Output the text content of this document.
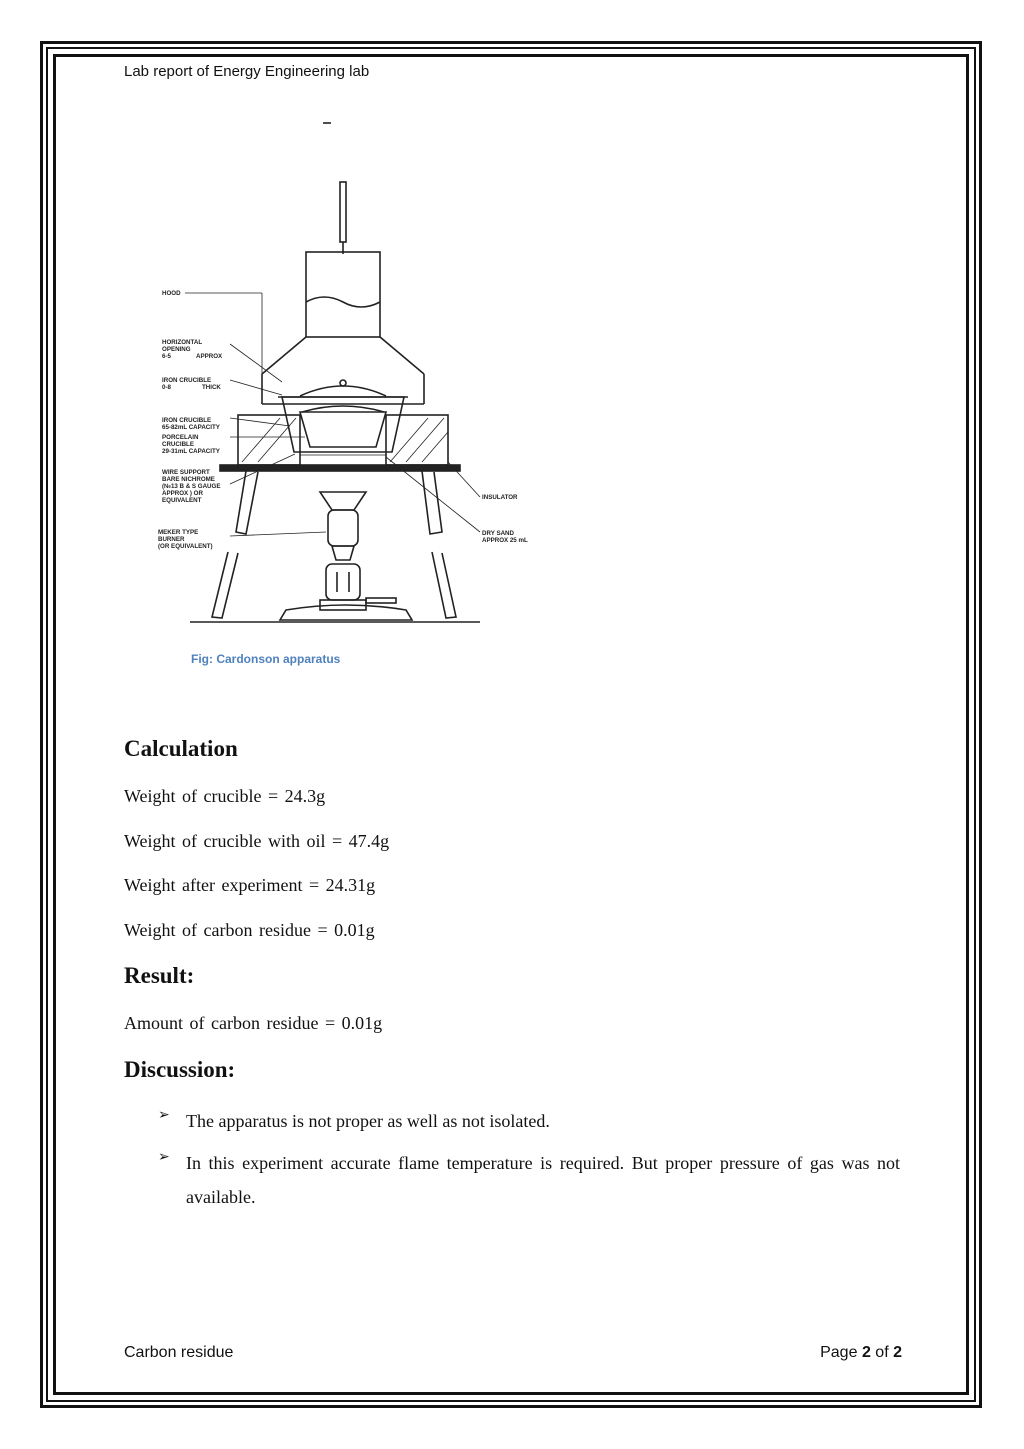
Lab report of Energy Engineering lab
HOOD
HORIZONTAL
OPENING
6-5	APPROX
IRON CRUCIBLE
0-8	THICK
IRON CRUCIBLE
65-82mL CAPACITY
PORCELAIN
CRUCIBLE
29-31mL CAPACITY
WIRE SUPPORT
BARE NICHROME
(№13 B & S GAUGE
APPROX ) OR
EQUIVALENT
MEKER TYPE
BURNER
(OR EQUIVALENT)
INSULATOR
DRY SAND
APPROX 25 mL
Fig: Cardonson apparatus
Calculation
Weight of crucible = 24.3g
Weight of crucible with oil = 47.4g
Weight after experiment = 24.31g
Weight of carbon residue = 0.01g
Result:
Amount of carbon residue = 0.01g
Discussion:
➢ The apparatus is not proper as well as not isolated.
➢ In this experiment accurate flame temperature is required. But proper pressure of gas was not available.
Carbon residue	Page 2 of 2
